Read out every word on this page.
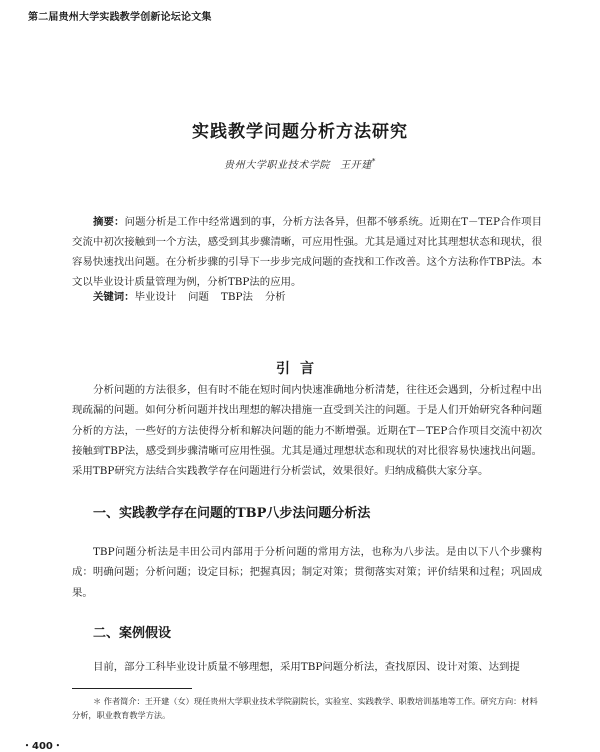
第二届贵州大学实践教学创新论坛论文集
实践教学问题分析方法研究
贵州大学职业技术学院 王开建*

摘要：问题分析是工作中经常遇到的事，分析方法各异，但都不够系统。近期在T－TEP合作项目交流中初次接触到一个方法，感受到其步骤清晰，可应用性强。尤其是通过对比其理想状态和现状，很容易快速找出问题。在分析步骤的引导下一步步完成问题的查找和工作改善。这个方法称作TBP法。本文以毕业设计质量管理为例，分析TBP法的应用。

关键词：毕业设计 问题 TBP法 分析

引言

分析问题的方法很多，但有时不能在短时间内快速准确地分析清楚，往往还会遇到，分析过程中出现疏漏的问题。如何分析问题并找出理想的解决措施一直受到关注的问题。于是人们开始研究各种问题分析的方法，一些好的方法使得分析和解决问题的能力不断增强。近期在T－TEP合作项目交流中初次接触到TBP法，感受到步骤清晰可应用性强。尤其是通过理想状态和现状的对比很容易快速找出问题。采用TBP研究方法结合实践教学存在问题进行分析尝试，效果很好。归纳成稿供大家分享。

一、实践教学存在问题的TBP八步法问题分析法

TBP问题分析法是丰田公司内部用于分析问题的常用方法，也称为八步法。是由以下八个步骤构成：明确问题；分析问题；设定目标；把握真因；制定对策；贯彻落实对策；评价结果和过程；巩固成果。

二、案例假设

目前，部分工科毕业设计质量不够理想，采用TBP问题分析法，查找原因、设计对策、达到提

＊ 作者简介：王开建（女）现任贵州大学职业技术学院副院长，实验室、实践教学、职教培训基地等工作。研究方向：材料分析，职业教育教学方法。

・400・
